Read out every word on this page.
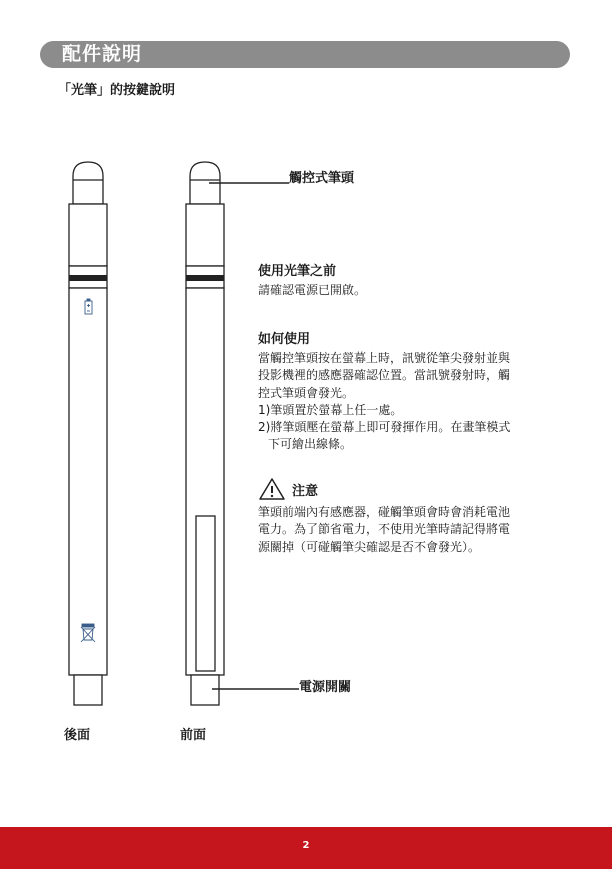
配件說明
「光筆」的按鍵說明
觸控式筆頭
電源開關
後面	前面
使用光筆之前

請確認電源已開啟。

如何使用

當觸控筆頭按在螢幕上時，訊號從筆尖發射並與

投影機裡的感應器確認位置。當訊號發射時，觸

控式筆頭會發光。

1)筆頭置於螢幕上任一處。

2)將筆頭壓在螢幕上即可發揮作用。在畫筆模式

下可繪出線條。

注意

筆頭前端內有感應器，碰觸筆頭會時會消耗電池

電力。為了節省電力，不使用光筆時請記得將電

源關掉（可碰觸筆尖確認是否不會發光）。

2
